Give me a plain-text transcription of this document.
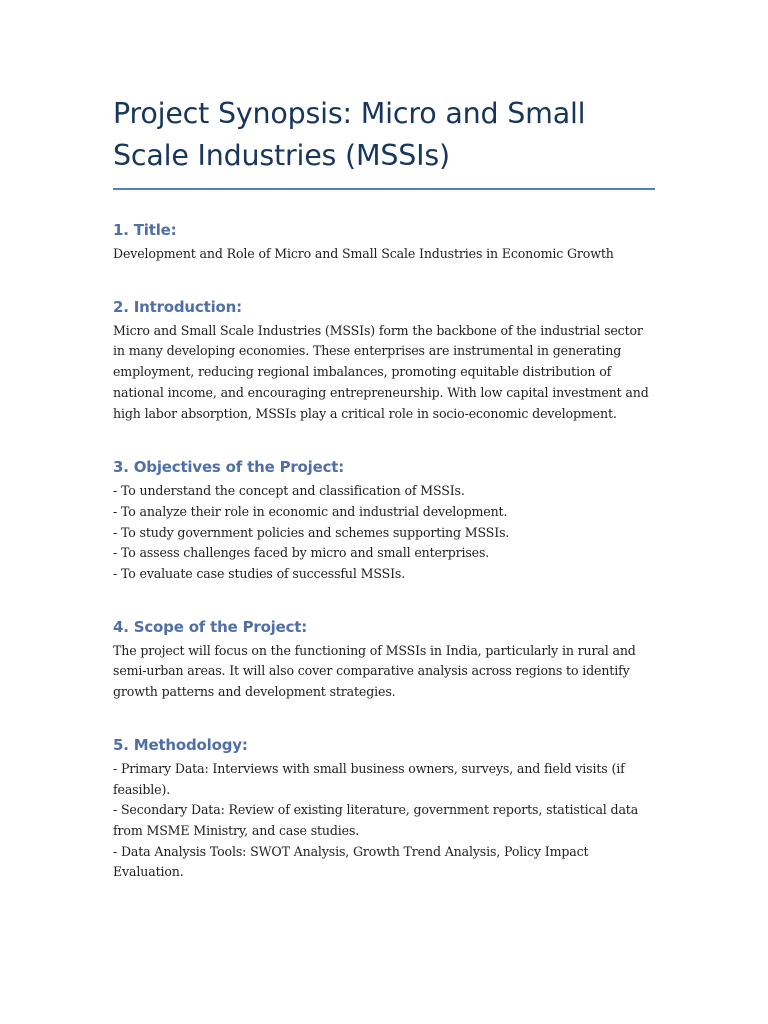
Project Synopsis: Micro and Small Scale Industries (MSSIs)
1. Title:

Development and Role of Micro and Small Scale Industries in Economic Growth

2. Introduction:

Micro and Small Scale Industries (MSSIs) form the backbone of the industrial sector in many developing economies. These enterprises are instrumental in generating employment, reducing regional imbalances, promoting equitable distribution of national income, and encouraging entrepreneurship. With low capital investment and high labor absorption, MSSIs play a critical role in socio-economic development.

3. Objectives of the Project:
- To understand the concept and classification of MSSIs.
- To analyze their role in economic and industrial development.
- To study government policies and schemes supporting MSSIs.
- To assess challenges faced by micro and small enterprises.
- To evaluate case studies of successful MSSIs.
4. Scope of the Project:

The project will focus on the functioning of MSSIs in India, particularly in rural and semi-urban areas. It will also cover comparative analysis across regions to identify growth patterns and development strategies.

5. Methodology:
- Primary Data: Interviews with small business owners, surveys, and field visits (if feasible).
- Secondary Data: Review of existing literature, government reports, statistical data from MSME Ministry, and case studies.
- Data Analysis Tools: SWOT Analysis, Growth Trend Analysis, Policy Impact Evaluation.
